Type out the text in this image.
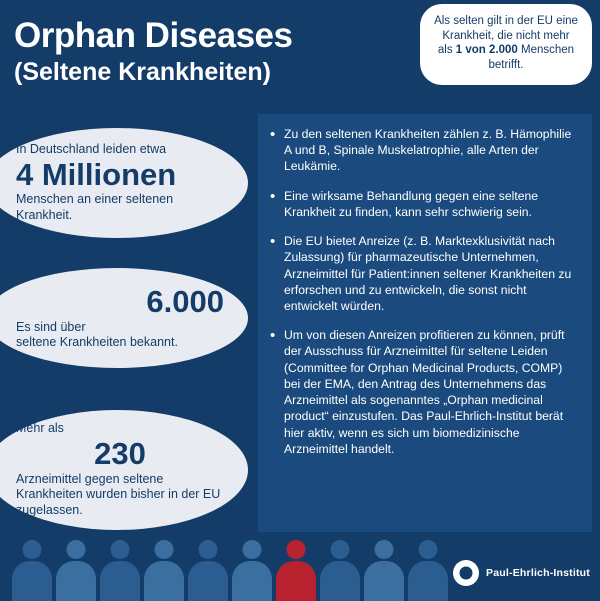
Orphan Diseases
(Seltene Krankheiten)
Als selten gilt in der EU eine Krankheit, die nicht mehr als 1 von 2.000 Menschen betrifft.
In Deutschland leiden etwa
4 Millionen
Menschen an einer seltenen Krankheit.
6.000
Es sind über
seltene Krankheiten bekannt.
Mehr als
230
Arzneimittel gegen seltene Krankheiten wurden bisher in der EU zugelassen.
• Zu den seltenen Krankheiten zählen z. B. Hämophilie A und B, Spinale Muskelatrophie, alle Arten der Leukämie.
• Eine wirksame Behandlung gegen eine seltene Krankheit zu finden, kann sehr schwierig sein.
• Die EU bietet Anreize (z. B. Marktexklusivität nach Zulassung) für pharmazeutische Unternehmen, Arzneimittel für Patient:innen seltener Krankheiten zu erforschen und zu entwickeln, die sonst nicht entwickelt würden.
• Um von diesen Anreizen profitieren zu können, prüft der Ausschuss für Arzneimittel für seltene Leiden (Committee for Orphan Medicinal Products, COMP) bei der EMA, den Antrag des Unternehmens das Arzneimittel als sogenanntes „Orphan medicinal product“ einzustufen. Das Paul-Ehrlich-Institut berät hier aktiv, wenn es sich um biomedizinische Arzneimittel handelt.
Paul-Ehrlich-Institut
